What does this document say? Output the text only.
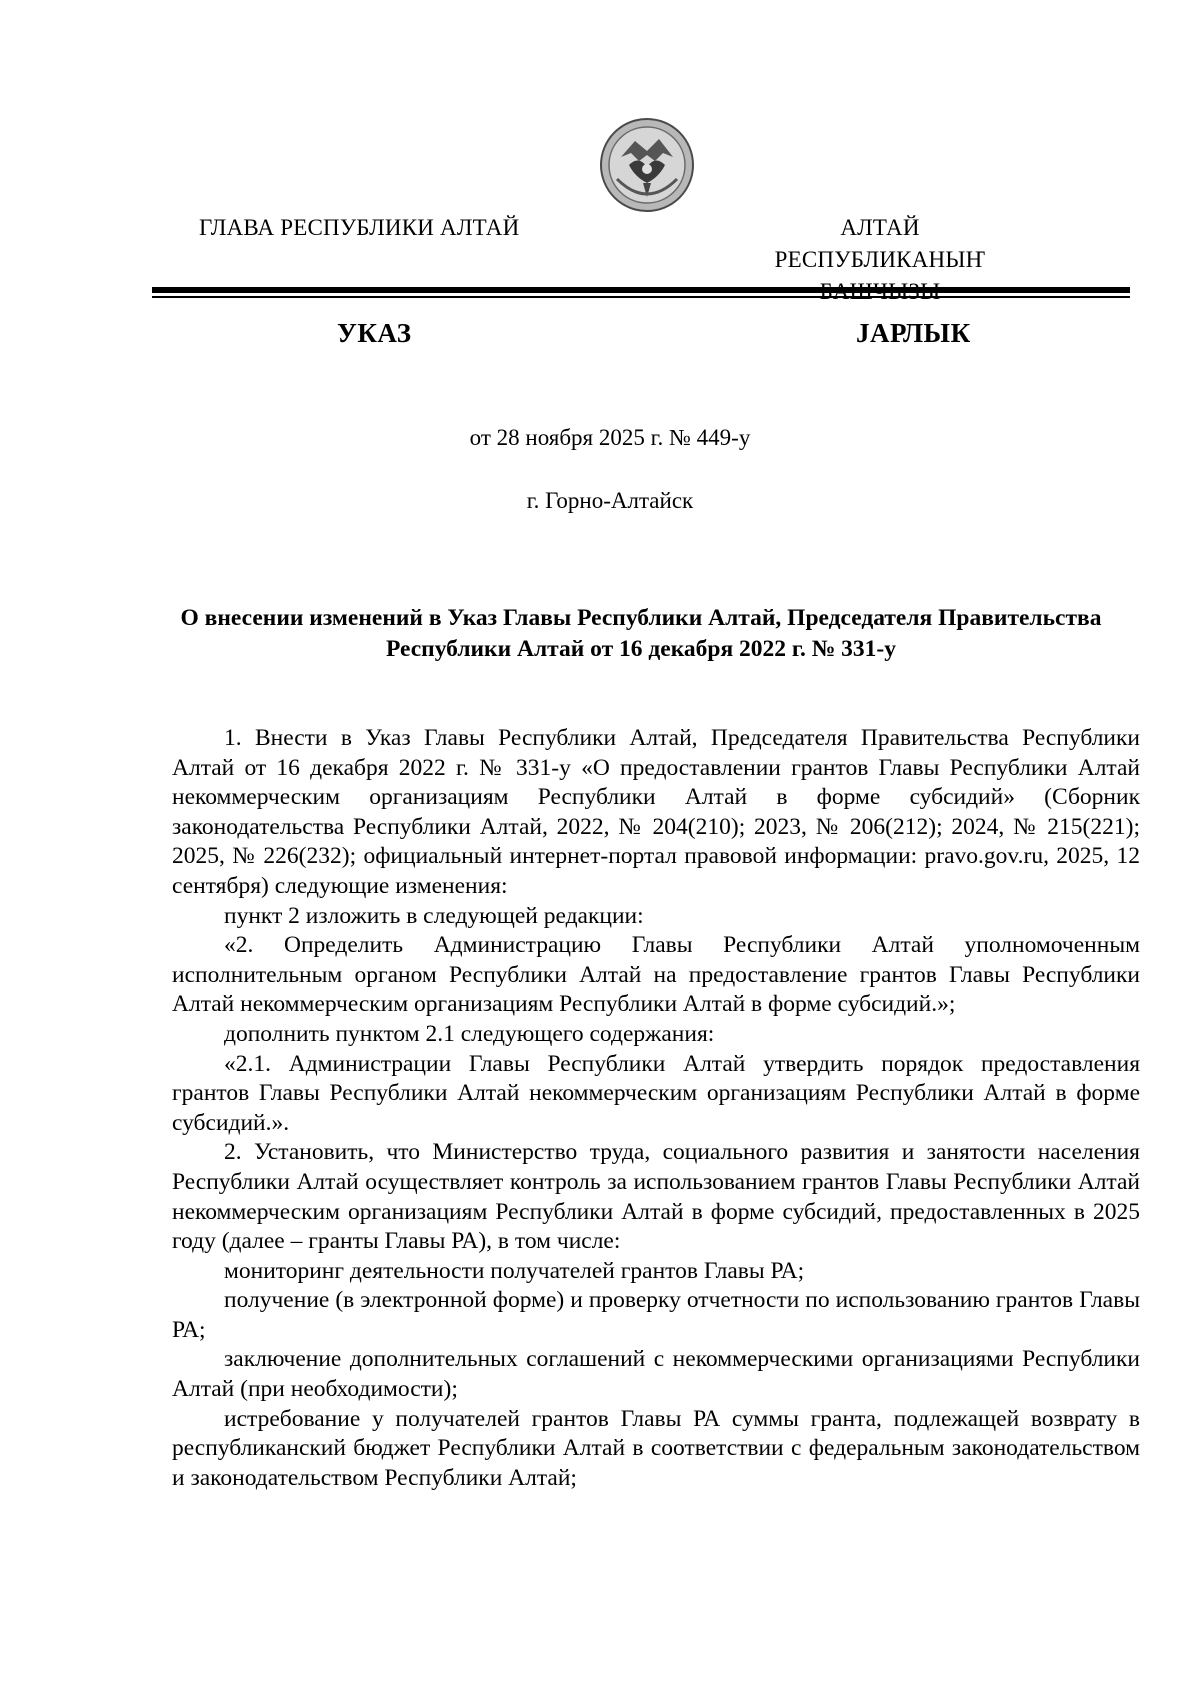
ГЛАВА РЕСПУБЛИКИ АЛТАЙ	АЛТАЙ РЕСПУБЛИКАНЫҤ
УКАЗ	ЈАРЛЫК
от 28 ноября 2025 г. № 449-у
г. Горно-Алтайск
О внесении изменений в Указ Главы Республики Алтай, Председателя Правительства Республики Алтай от 16 декабря 2022 г. № 331-у

1. Внести в Указ Главы Республики Алтай, Председателя Правительства Республики Алтай от 16 декабря 2022 г. № 331-у «О предоставлении грантов Главы Республики Алтай некоммерческим организациям Республики Алтай в форме субсидий» (Сборник законодательства Республики Алтай, 2022, № 204(210); 2023, № 206(212); 2024, № 215(221); 2025, № 226(232); официальный интернет-портал правовой информации: pravo.gov.ru, 2025, 12 сентября) следующие изменения:

пункт 2 изложить в следующей редакции:

«2. Определить Администрацию Главы Республики Алтай уполномоченным исполнительным органом Республики Алтай на предоставление грантов Главы Республики Алтай некоммерческим организациям Республики Алтай в форме субсидий.»;

дополнить пунктом 2.1 следующего содержания:

«2.1. Администрации Главы Республики Алтай утвердить порядок предоставления грантов Главы Республики Алтай некоммерческим организациям Республики Алтай в форме субсидий.».

2. Установить, что Министерство труда, социального развития и занятости населения Республики Алтай осуществляет контроль за использованием грантов Главы Республики Алтай некоммерческим организациям Республики Алтай в форме субсидий, предоставленных в 2025 году (далее – гранты Главы РА), в том числе:

мониторинг деятельности получателей грантов Главы РА;

получение (в электронной форме) и проверку отчетности по использованию грантов Главы РА;

заключение дополнительных соглашений с некоммерческими организациями Республики Алтай (при необходимости);

истребование у получателей грантов Главы РА суммы гранта, подлежащей возврату в республиканский бюджет Республики Алтай в соответствии с федеральным законодательством и законодательством Республики Алтай;
